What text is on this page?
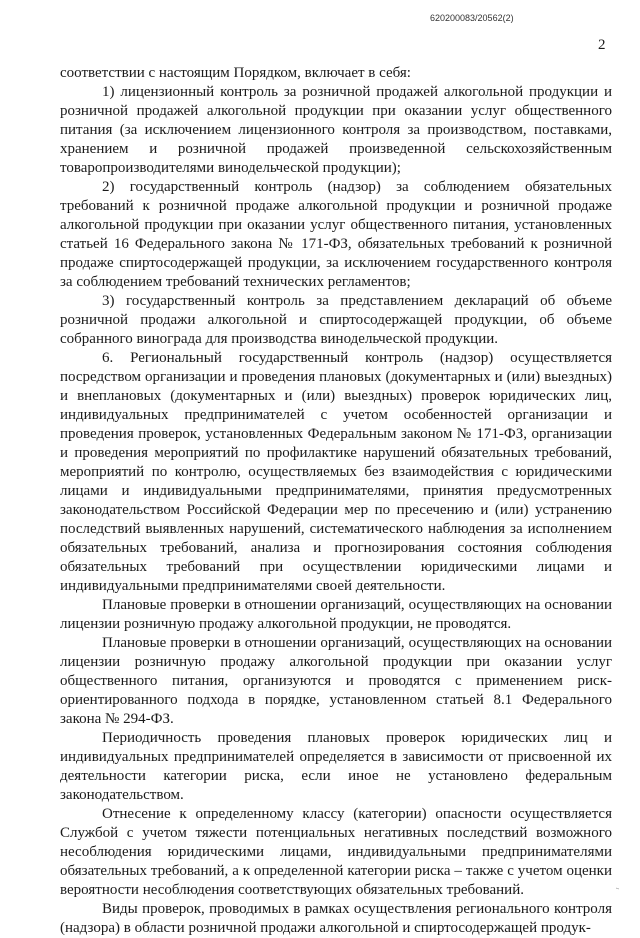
620200083/20562(2)
2

соответствии с настоящим Порядком, включает в себя:

1) лицензионный контроль за розничной продажей алкогольной продукции и розничной продажей алкогольной продукции при оказании услуг общественного питания (за исключением лицензионного контроля за производством, поставками, хранением и розничной продажей произведенной сельскохозяйственным товаропроизводителями винодельческой продукции);

2) государственный контроль (надзор) за соблюдением обязательных требований к розничной продаже алкогольной продукции и розничной продаже алкогольной продукции при оказании услуг общественного питания, установленных статьей 16 Федерального закона № 171-ФЗ, обязательных требований к розничной продаже спиртосодержащей продукции, за исключением государственного контроля за соблюдением требований технических регламентов;

3) государственный контроль за представлением деклараций об объеме розничной продажи алкогольной и спиртосодержащей продукции, об объеме собранного винограда для производства винодельческой продукции.

6. Региональный государственный контроль (надзор) осуществляется посредством организации и проведения плановых (документарных и (или) выездных) и внеплановых (документарных и (или) выездных) проверок юридических лиц, индивидуальных предпринимателей с учетом особенностей организации и проведения проверок, установленных Федеральным законом № 171-ФЗ, организации и проведения мероприятий по профилактике нарушений обязательных требований, мероприятий по контролю, осуществляемых без взаимодействия с юридическими лицами и индивидуальными предпринимателями, принятия предусмотренных законодательством Российской Федерации мер по пресечению и (или) устранению последствий выявленных нарушений, систематического наблюдения за исполнением обязательных требований, анализа и прогнозирования состояния соблюдения обязательных требований при осуществлении юридическими лицами и индивидуальными предпринимателями своей деятельности.

Плановые проверки в отношении организаций, осуществляющих на основании лицензии розничную продажу алкогольной продукции, не проводятся.

Плановые проверки в отношении организаций, осуществляющих на основании лицензии розничную продажу алкогольной продукции при оказании услуг общественного питания, организуются и проводятся с применением риск-ориентированного подхода в порядке, установленном статьей 8.1 Федерального закона № 294-ФЗ.

Периодичность проведения плановых проверок юридических лиц и индивидуальных предпринимателей определяется в зависимости от присвоенной их деятельности категории риска, если иное не установлено федеральным законодательством.

Отнесение к определенному классу (категории) опасности осуществляется Службой с учетом тяжести потенциальных негативных последствий возможного несоблюдения юридическими лицами, индивидуальными предпринимателями обязательных требований, а к определенной категории риска – также с учетом оценки вероятности несоблюдения соответствующих обязательных требований.

Виды проверок, проводимых в рамках осуществления регионального контроля (надзора) в области розничной продажи алкогольной и спиртосодержащей продук-

ⸯ
